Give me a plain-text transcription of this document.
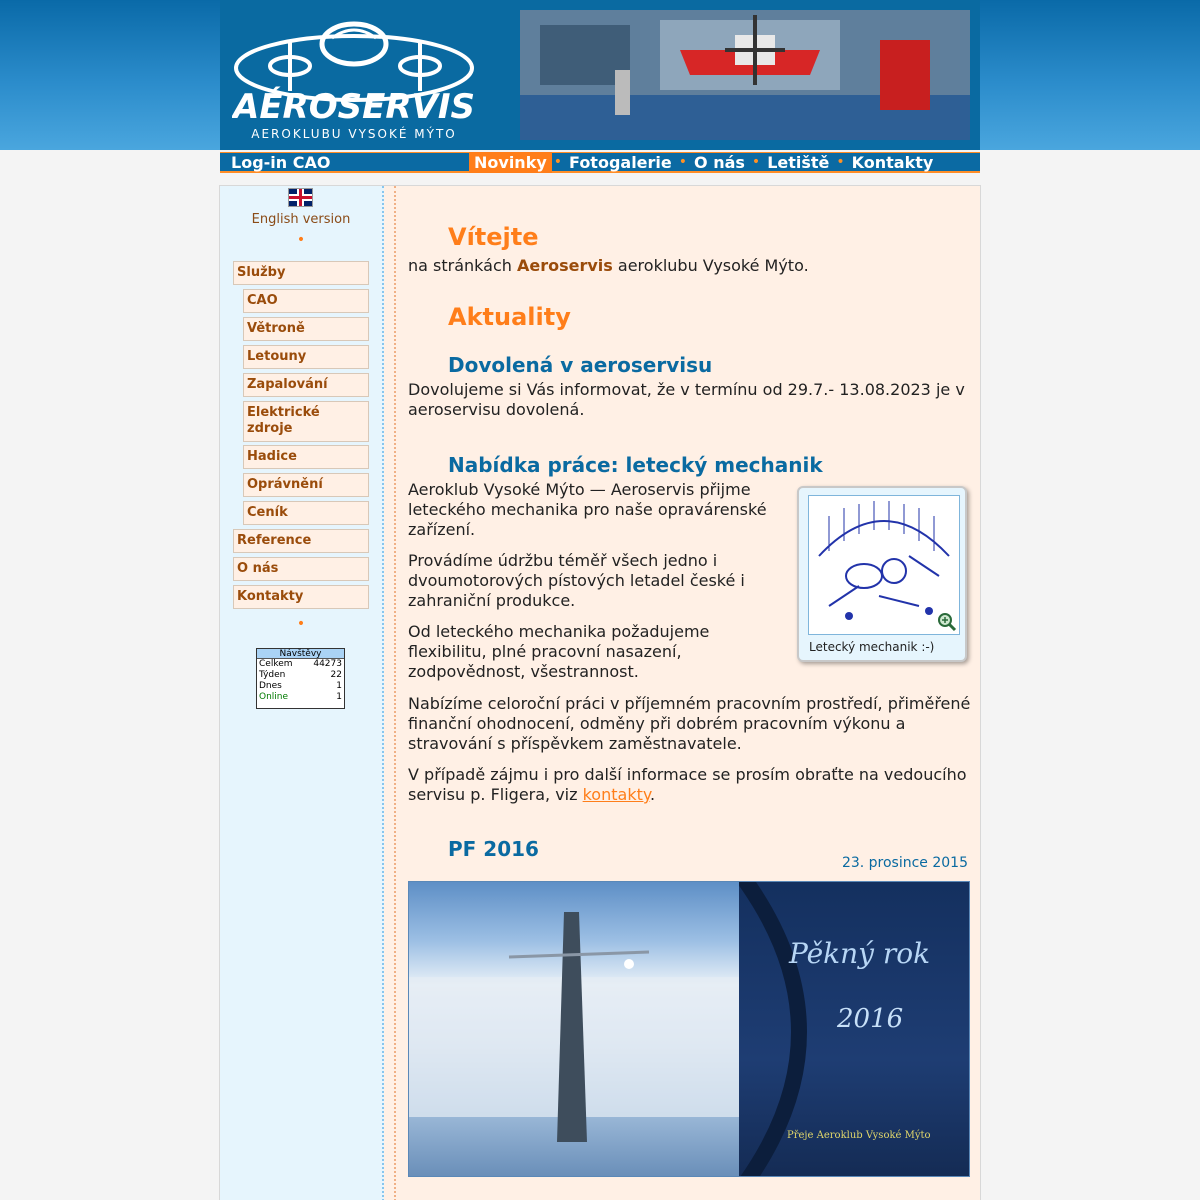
AÉROSERVIS
AEROKLUBU VYSOKÉ MÝTO
Log-in CAO	Novinky • Fotogalerie • O nás • Letiště • Kontakty
English version
•
Služby
CAO
Větroně
Letouny
Zapalování
Elektrické zdroje
Hadice
Oprávnění
Ceník
Reference
O nás
Kontakty
•
Návštěvy
Celkem 44273
Týden	22
Dnes	1
Online	1
Vítejte
na stránkách Aeroservis aeroklubu Vysoké Mýto.
Aktuality
Dovolená v aeroservisu
Dovolujeme si Vás informovat, že v termínu od 29.7.- 13.08.2023 je v aeroservisu dovolená.
Nabídka práce: letecký mechanik
Aeroklub Vysoké Mýto — Aeroservis přijme leteckého mechanika pro naše opravárenské zařízení.
Provádíme údržbu téměř všech jedno i dvoumotorových pístových letadel české i zahraniční produkce.
Od leteckého mechanika požadujeme flexibilitu, plné pracovní nasazení, zodpovědnost, všestrannost.
Nabízíme celoroční práci v příjemném pracovním prostředí, přiměřené finanční ohodnocení, odměny při dobrém pracovním výkonu a stravování s příspěvkem zaměstnavatele.
V případě zájmu i pro další informace se prosím obraťte na vedoucího servisu p. Fligera, viz kontakty.
Letecký mechanik :-)
PF 2016
23. prosince 2015
Pěkný rok
2016
Přeje Aeroklub Vysoké Mýto
